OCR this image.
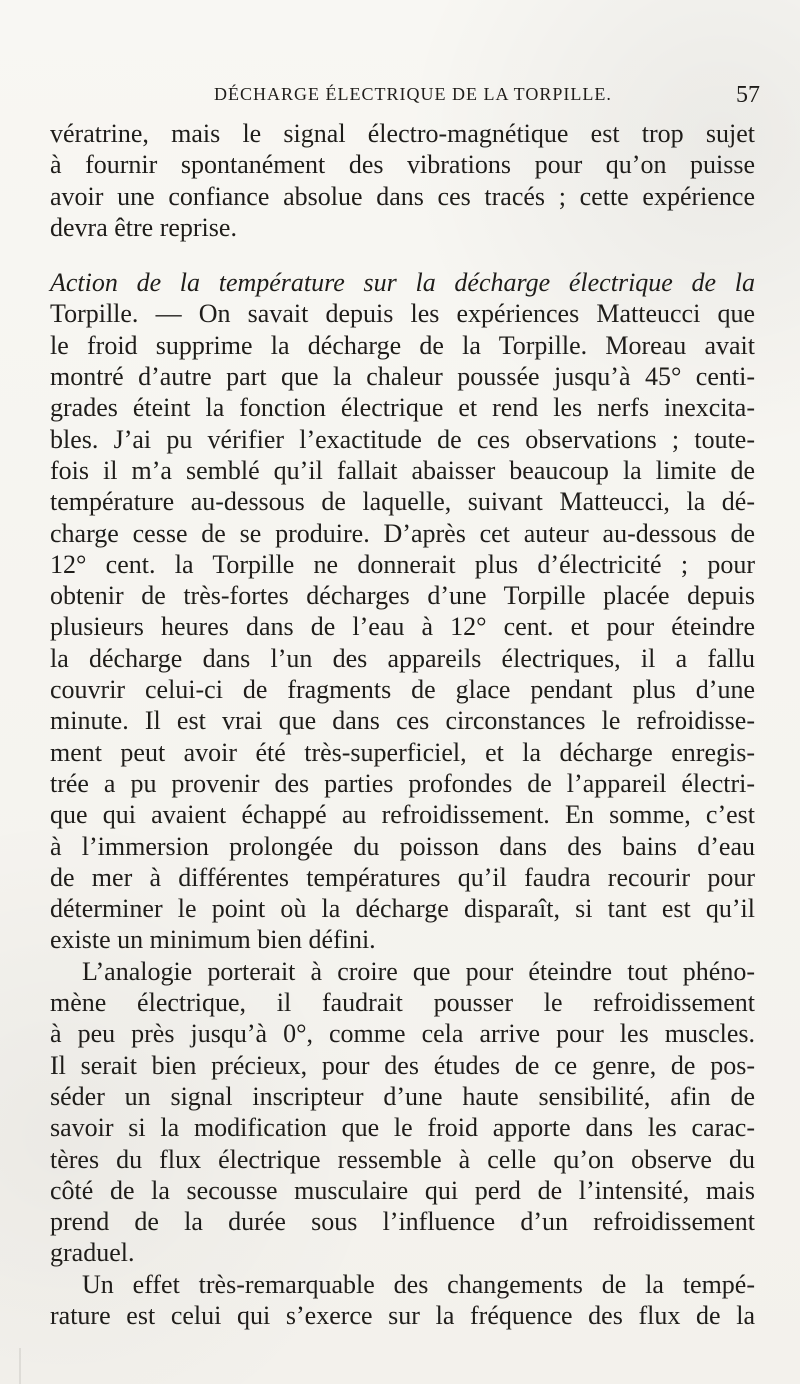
DÉCHARGE ÉLECTRIQUE DE LA TORPILLE.	57
vératrine, mais le signal électro-magnétique est trop sujet
à fournir spontanément des vibrations pour qu’on puisse
avoir une confiance absolue dans ces tracés ; cette expérience
devra être reprise.
Action de la température sur la décharge électrique de la
Torpille. — On savait depuis les expériences Matteucci que
le froid supprime la décharge de la Torpille. Moreau avait
montré d’autre part que la chaleur poussée jusqu’à 45° centi-
grades éteint la fonction électrique et rend les nerfs inexcita-
bles. J’ai pu vérifier l’exactitude de ces observations ; toute-
fois il m’a semblé qu’il fallait abaisser beaucoup la limite de
température au-dessous de laquelle, suivant Matteucci, la dé-
charge cesse de se produire. D’après cet auteur au-dessous de
12° cent. la Torpille ne donnerait plus d’électricité ; pour
obtenir de très-fortes décharges d’une Torpille placée depuis
plusieurs heures dans de l’eau à 12° cent. et pour éteindre
la décharge dans l’un des appareils électriques, il a fallu
couvrir celui-ci de fragments de glace pendant plus d’une
minute. Il est vrai que dans ces circonstances le refroidisse-
ment peut avoir été très-superficiel, et la décharge enregis-
trée a pu provenir des parties profondes de l’appareil électri-
que qui avaient échappé au refroidissement. En somme, c’est
à l’immersion prolongée du poisson dans des bains d’eau
de mer à différentes températures qu’il faudra recourir pour
déterminer le point où la décharge disparaît, si tant est qu’il
existe un minimum bien défini.
L’analogie porterait à croire que pour éteindre tout phéno-
mène électrique, il faudrait pousser le refroidissement
à peu près jusqu’à 0°, comme cela arrive pour les muscles.
Il serait bien précieux, pour des études de ce genre, de pos-
séder un signal inscripteur d’une haute sensibilité, afin de
savoir si la modification que le froid apporte dans les carac-
tères du flux électrique ressemble à celle qu’on observe du
côté de la secousse musculaire qui perd de l’intensité, mais
prend de la durée sous l’influence d’un refroidissement
graduel.
Un effet très-remarquable des changements de la tempé-
rature est celui qui s’exerce sur la fréquence des flux de la
